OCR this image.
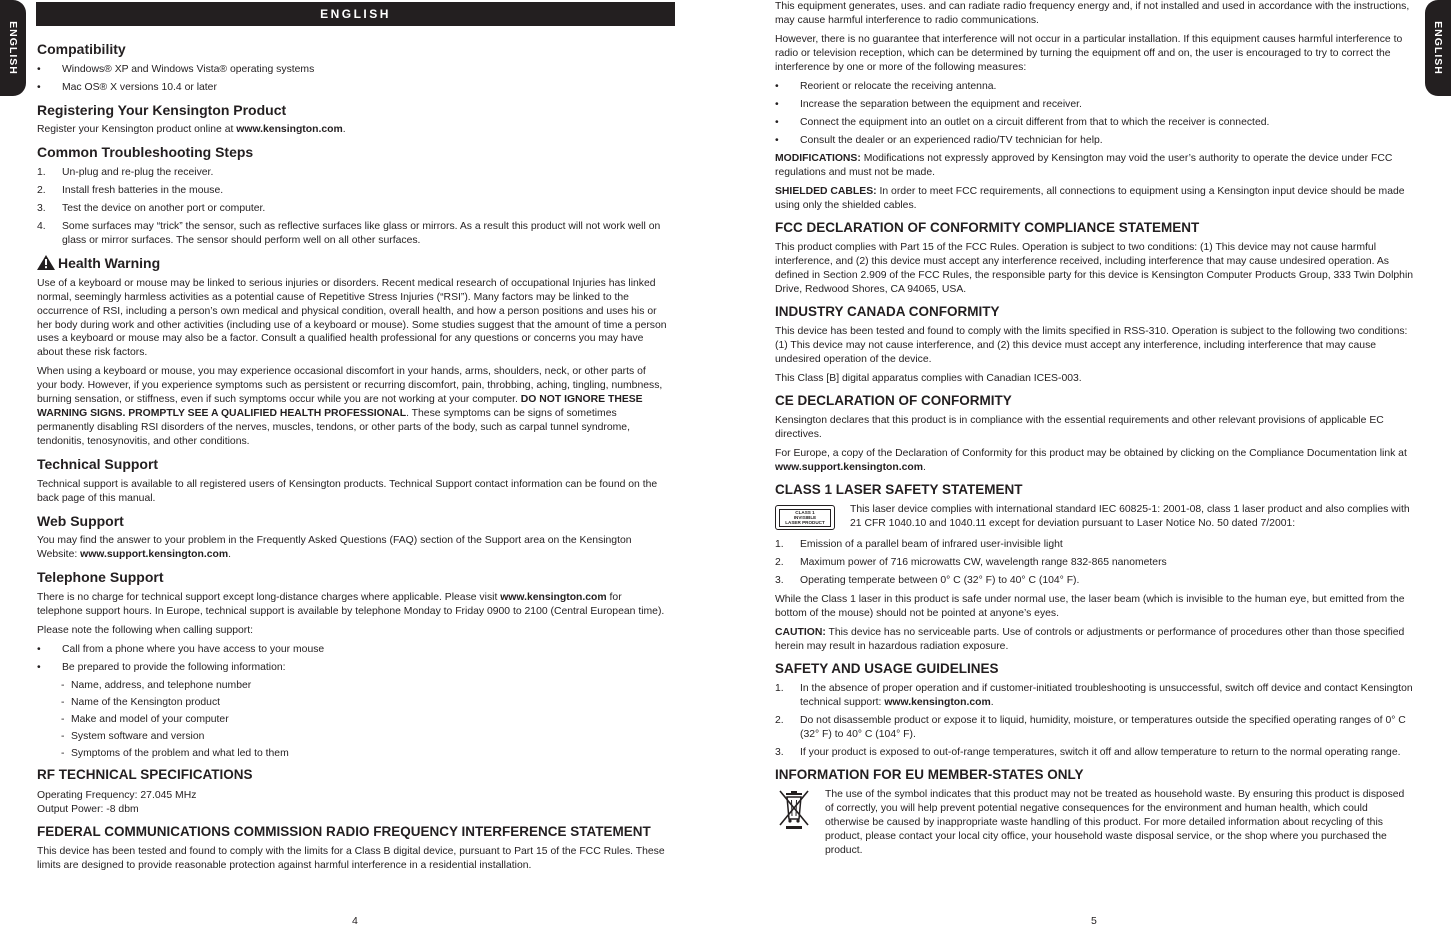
ENGLISH
ENGLISH
Compatibility
• Windows® XP and Windows Vista® operating systems
• Mac OS® X versions 10.4 or later
Registering Your Kensington Product

Register your Kensington product online at www.kensington.com.

Common Troubleshooting Steps
1. Un-plug and re-plug the receiver.
2. Install fresh batteries in the mouse.
3. Test the device on another port or computer.
4. Some surfaces may “trick” the sensor, such as reflective surfaces like glass or mirrors. As a result this product will not work well on glass or mirror surfaces. The sensor should perform well on all other surfaces.
Health Warning

Use of a keyboard or mouse may be linked to serious injuries or disorders. Recent medical research of occupational Injuries has linked normal, seemingly harmless activities as a potential cause of Repetitive Stress Injuries (“RSI”). Many factors may be linked to the occurrence of RSI, including a person’s own medical and physical condition, overall health, and how a person positions and uses his or her body during work and other activities (including use of a keyboard or mouse). Some studies suggest that the amount of time a person uses a keyboard or mouse may also be a factor. Consult a qualified health professional for any questions or concerns you may have about these risk factors.

When using a keyboard or mouse, you may experience occasional discomfort in your hands, arms, shoulders, neck, or other parts of your body. However, if you experience symptoms such as persistent or recurring discomfort, pain, throbbing, aching, tingling, numbness, burning sensation, or stiffness, even if such symptoms occur while you are not working at your computer. DO NOT IGNORE THESE WARNING SIGNS. PROMPTLY SEE A QUALIFIED HEALTH PROFESSIONAL. These symptoms can be signs of sometimes permanently disabling RSI disorders of the nerves, muscles, tendons, or other parts of the body, such as carpal tunnel syndrome, tendonitis, tenosynovitis, and other conditions.

Technical Support

Technical support is available to all registered users of Kensington products. Technical Support contact information can be found on the back page of this manual.

Web Support

You may find the answer to your problem in the Frequently Asked Questions (FAQ) section of the Support area on the Kensington Website: www.support.kensington.com.

Telephone Support

There is no charge for technical support except long-distance charges where applicable. Please visit www.kensington.com for telephone support hours. In Europe, technical support is available by telephone Monday to Friday 0900 to 2100 (Central European time).

Please note the following when calling support:

• Call from a phone where you have access to your mouse
• Be prepared to provide the following information:
- Name, address, and telephone number
- Name of the Kensington product
- Make and model of your computer
- System software and version
- Symptoms of the problem and what led to them
RF TECHNICAL SPECIFICATIONS

Operating Frequency: 27.045 MHz
Output Power: -8 dbm

FEDERAL COMMUNICATIONS COMMISSION RADIO FREQUENCY INTERFERENCE STATEMENT

This device has been tested and found to comply with the limits for a Class B digital device, pursuant to Part 15 of the FCC Rules. These limits are designed to provide reasonable protection against harmful interference in a residential installation.

4
ENGLISH

This equipment generates, uses. and can radiate radio frequency energy and, if not installed and used in accordance with the instructions, may cause harmful interference to radio communications.

However, there is no guarantee that interference will not occur in a particular installation. If this equipment causes harmful interference to radio or television reception, which can be determined by turning the equipment off and on, the user is encouraged to try to correct the interference by one or more of the following measures:

• Reorient or relocate the receiving antenna.
• Increase the separation between the equipment and receiver.
• Connect the equipment into an outlet on a circuit different from that to which the receiver is connected.
• Consult the dealer or an experienced radio/TV technician for help.

MODIFICATIONS: Modifications not expressly approved by Kensington may void the user’s authority to operate the device under FCC regulations and must not be made.

SHIELDED CABLES: In order to meet FCC requirements, all connections to equipment using a Kensington input device should be made using only the shielded cables.

FCC DECLARATION OF CONFORMITY COMPLIANCE STATEMENT

This product complies with Part 15 of the FCC Rules. Operation is subject to two conditions: (1) This device may not cause harmful interference, and (2) this device must accept any interference received, including interference that may cause undesired operation. As defined in Section 2.909 of the FCC Rules, the responsible party for this device is Kensington Computer Products Group, 333 Twin Dolphin Drive, Redwood Shores, CA 94065, USA.

INDUSTRY CANADA CONFORMITY

This device has been tested and found to comply with the limits specified in RSS-310. Operation is subject to the following two conditions: (1) This device may not cause interference, and (2) this device must accept any interference, including interference that may cause undesired operation of the device.

This Class [B] digital apparatus complies with Canadian ICES-003.

CE DECLARATION OF CONFORMITY

Kensington declares that this product is in compliance with the essential requirements and other relevant provisions of applicable EC directives.

For Europe, a copy of the Declaration of Conformity for this product may be obtained by clicking on the Compliance Documentation link at www.support.kensington.com.

CLASS 1 LASER SAFETY STATEMENT
CLASS 1
INVISIBLE
LASER PRODUCT
This laser device complies with international standard IEC 60825-1: 2001-08, class 1 laser product and also complies with 21 CFR 1040.10 and 1040.11 except for deviation pursuant to Laser Notice No. 50 dated 7/2001:
1. Emission of a parallel beam of infrared user-invisible light
2. Maximum power of 716 microwatts CW, wavelength range 832-865 nanometers
3. Operating temperate between 0° C (32° F) to 40° C (104° F).

While the Class 1 laser in this product is safe under normal use, the laser beam (which is invisible to the human eye, but emitted from the bottom of the mouse) should not be pointed at anyone’s eyes.

CAUTION: This device has no serviceable parts. Use of controls or adjustments or performance of procedures other than those specified herein may result in hazardous radiation exposure.

SAFETY AND USAGE GUIDELINES
1. In the absence of proper operation and if customer-initiated troubleshooting is unsuccessful, switch off device and contact Kensington technical support: www.kensington.com.
2. Do not disassemble product or expose it to liquid, humidity, moisture, or temperatures outside the specified operating ranges of 0° C (32° F) to 40° C (104° F).
3. If your product is exposed to out-of-range temperatures, switch it off and allow temperature to return to the normal operating range.
INFORMATION FOR EU MEMBER-STATES ONLY

The use of the symbol indicates that this product may not be treated as household waste. By ensuring this product is disposed of correctly, you will help prevent potential negative consequences for the environment and human health, which could otherwise be caused by inappropriate waste handling of this product. For more detailed information about recycling of this product, please contact your local city office, your household waste disposal service, or the shop where you purchased the product.

5
